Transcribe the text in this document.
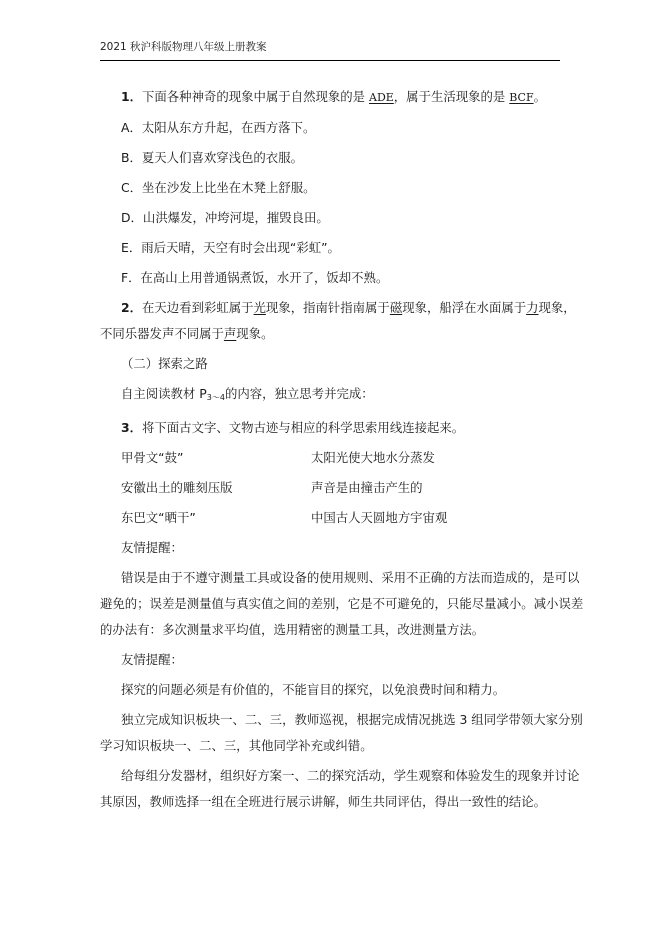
2021 秋沪科版物理八年级上册教案

1．下面各种神奇的现象中属于自然现象的是 ADE，属于生活现象的是 BCF。

A．太阳从东方升起，在西方落下。

B．夏天人们喜欢穿浅色的衣服。

C．坐在沙发上比坐在木凳上舒服。

D．山洪爆发，冲垮河堤，摧毁良田。

E．雨后天晴，天空有时会出现“彩虹”。

F．在高山上用普通锅煮饭，水开了，饭却不熟。

2．在天边看到彩虹属于光现象，指南针指南属于磁现象，船浮在水面属于力现象，

不同乐器发声不同属于声现象。

（二）探索之路

自主阅读教材 $P_{3\sim 4}$的内容，独立思考并完成：

3．将下面古文字、文物古迹与相应的科学思索用线连接起来。

甲骨文“鼓”	太阳光使大地水分蒸发
安徽出土的雕刻压版	声音是由撞击产生的
东巴文“晒干”	中国古人天圆地方宇宙观

友情提醒：

错误是由于不遵守测量工具或设备的使用规则、采用不正确的方法而造成的，是可以

避免的；误差是测量值与真实值之间的差别，它是不可避免的，只能尽量减小。减小误差

的办法有：多次测量求平均值，选用精密的测量工具，改进测量方法。

友情提醒：

探究的问题必须是有价值的，不能盲目的探究，以免浪费时间和精力。

独立完成知识板块一、二、三，教师巡视，根据完成情况挑选 3 组同学带领大家分别

学习知识板块一、二、三，其他同学补充或纠错。

给每组分发器材，组织好方案一、二的探究活动，学生观察和体验发生的现象并讨论

其原因，教师选择一组在全班进行展示讲解，师生共同评估，得出一致性的结论。
